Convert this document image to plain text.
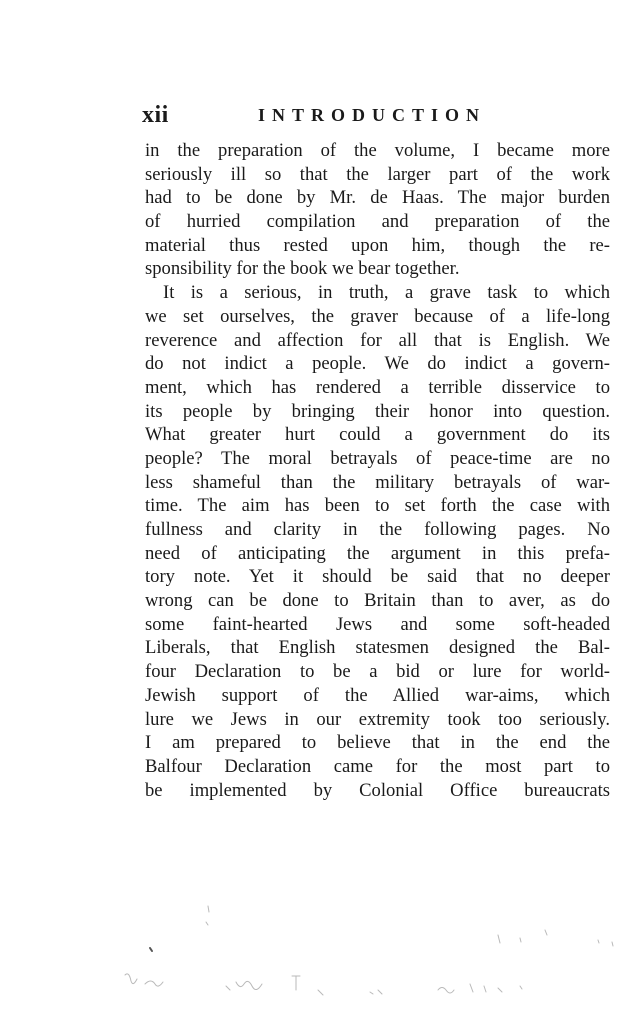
xii	INTRODUCTION
in the preparation of the volume, I became more
seriously ill so that the larger part of the work
had to be done by Mr. de Haas. The major burden
of hurried compilation and preparation of the
material thus rested upon him, though the re-
sponsibility for the book we bear together.
It is a serious, in truth, a grave task to which
we set ourselves, the graver because of a life-long
reverence and affection for all that is English. We
do not indict a people. We do indict a govern-
ment, which has rendered a terrible disservice to
its people by bringing their honor into question.
What greater hurt could a government do its
people? The moral betrayals of peace-time are no
less shameful than the military betrayals of war-
time. The aim has been to set forth the case with
fullness and clarity in the following pages. No
need of anticipating the argument in this prefa-
tory note. Yet it should be said that no deeper
wrong can be done to Britain than to aver, as do
some faint-hearted Jews and some soft-headed
Liberals, that English statesmen designed the Bal-
four Declaration to be a bid or lure for world-
Jewish support of the Allied war-aims, which
lure we Jews in our extremity took too seriously.
I am prepared to believe that in the end the
Balfour Declaration came for the most part to
be implemented by Colonial Office bureaucrats
